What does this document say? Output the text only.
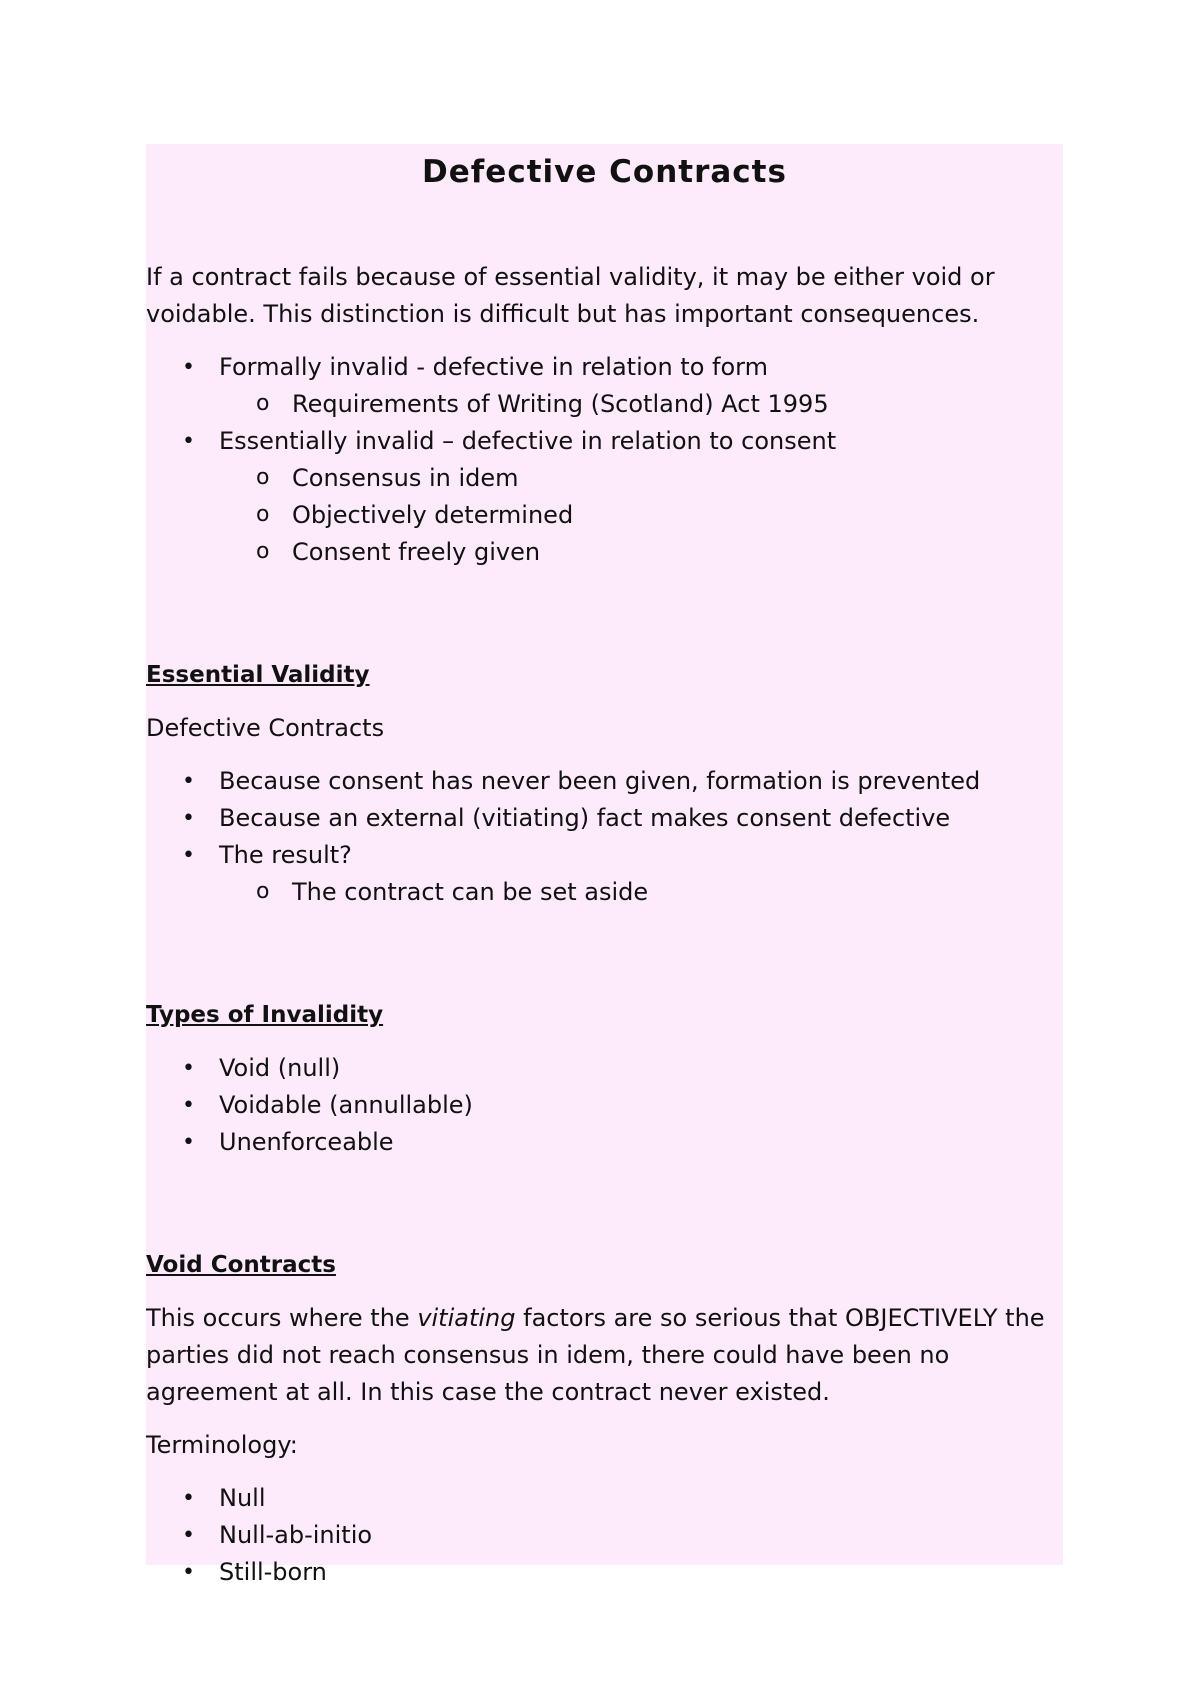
Defective Contracts

If a contract fails because of essential validity, it may be either void or voidable. This distinction is difficult but has important consequences.

• Formally invalid - defective in relation to form
o Requirements of Writing (Scotland) Act 1995
• Essentially invalid – defective in relation to consent
o Consensus in idem
o Objectively determined
o Consent freely given
Essential Validity

Defective Contracts

• Because consent has never been given, formation is prevented
• Because an external (vitiating) fact makes consent defective
• The result?
o The contract can be set aside
Types of Invalidity
• Void (null)
• Voidable (annullable)
• Unenforceable
Void Contracts

This occurs where the vitiating factors are so serious that OBJECTIVELY the parties did not reach consensus in idem, there could have been no agreement at all. In this case the contract never existed.

Terminology:

• Null
• Null-ab-initio
• Still-born
